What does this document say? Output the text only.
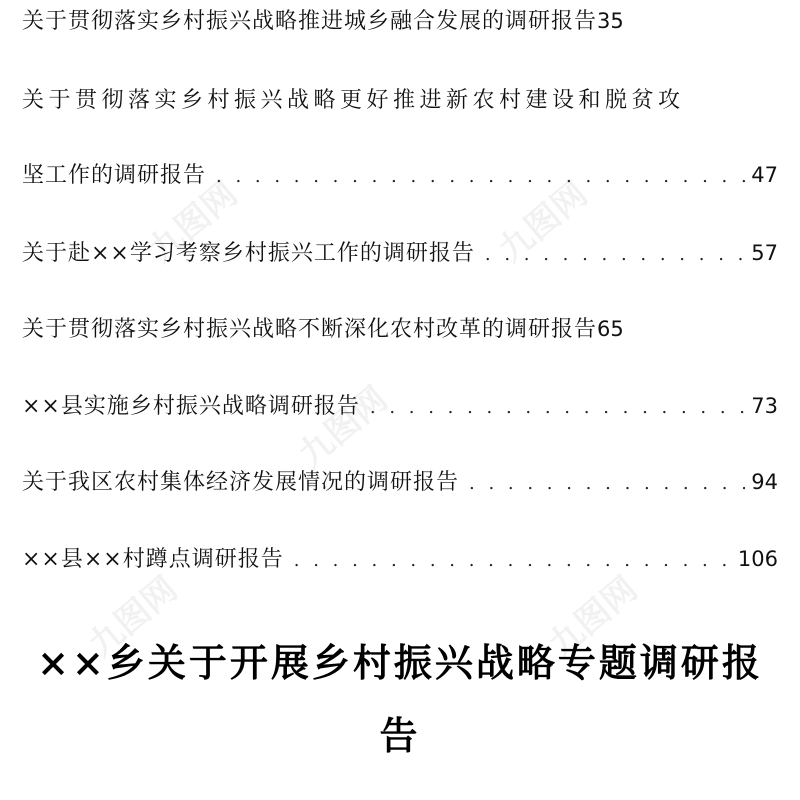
九图网	九图网
九图网
九图网	九图网
关于贯彻落实乡村振兴战略推进城乡融合发展的调研报告 35
关于贯彻落实乡村振兴战略更好推进新农村建设和脱贫攻
坚工作的调研报告 . . .	47
关于赴××学习考察乡村振兴工作的调研报告 . . .	57
关于贯彻落实乡村振兴战略不断深化农村改革的调研报告 65
××县实施乡村振兴战略调研报告 . . .	73
关于我区农村集体经济发展情况的调研报告 . . .	94
××县××村蹲点调研报告 . . .	106
××乡关于开展乡村振兴战略专题调研报
告
